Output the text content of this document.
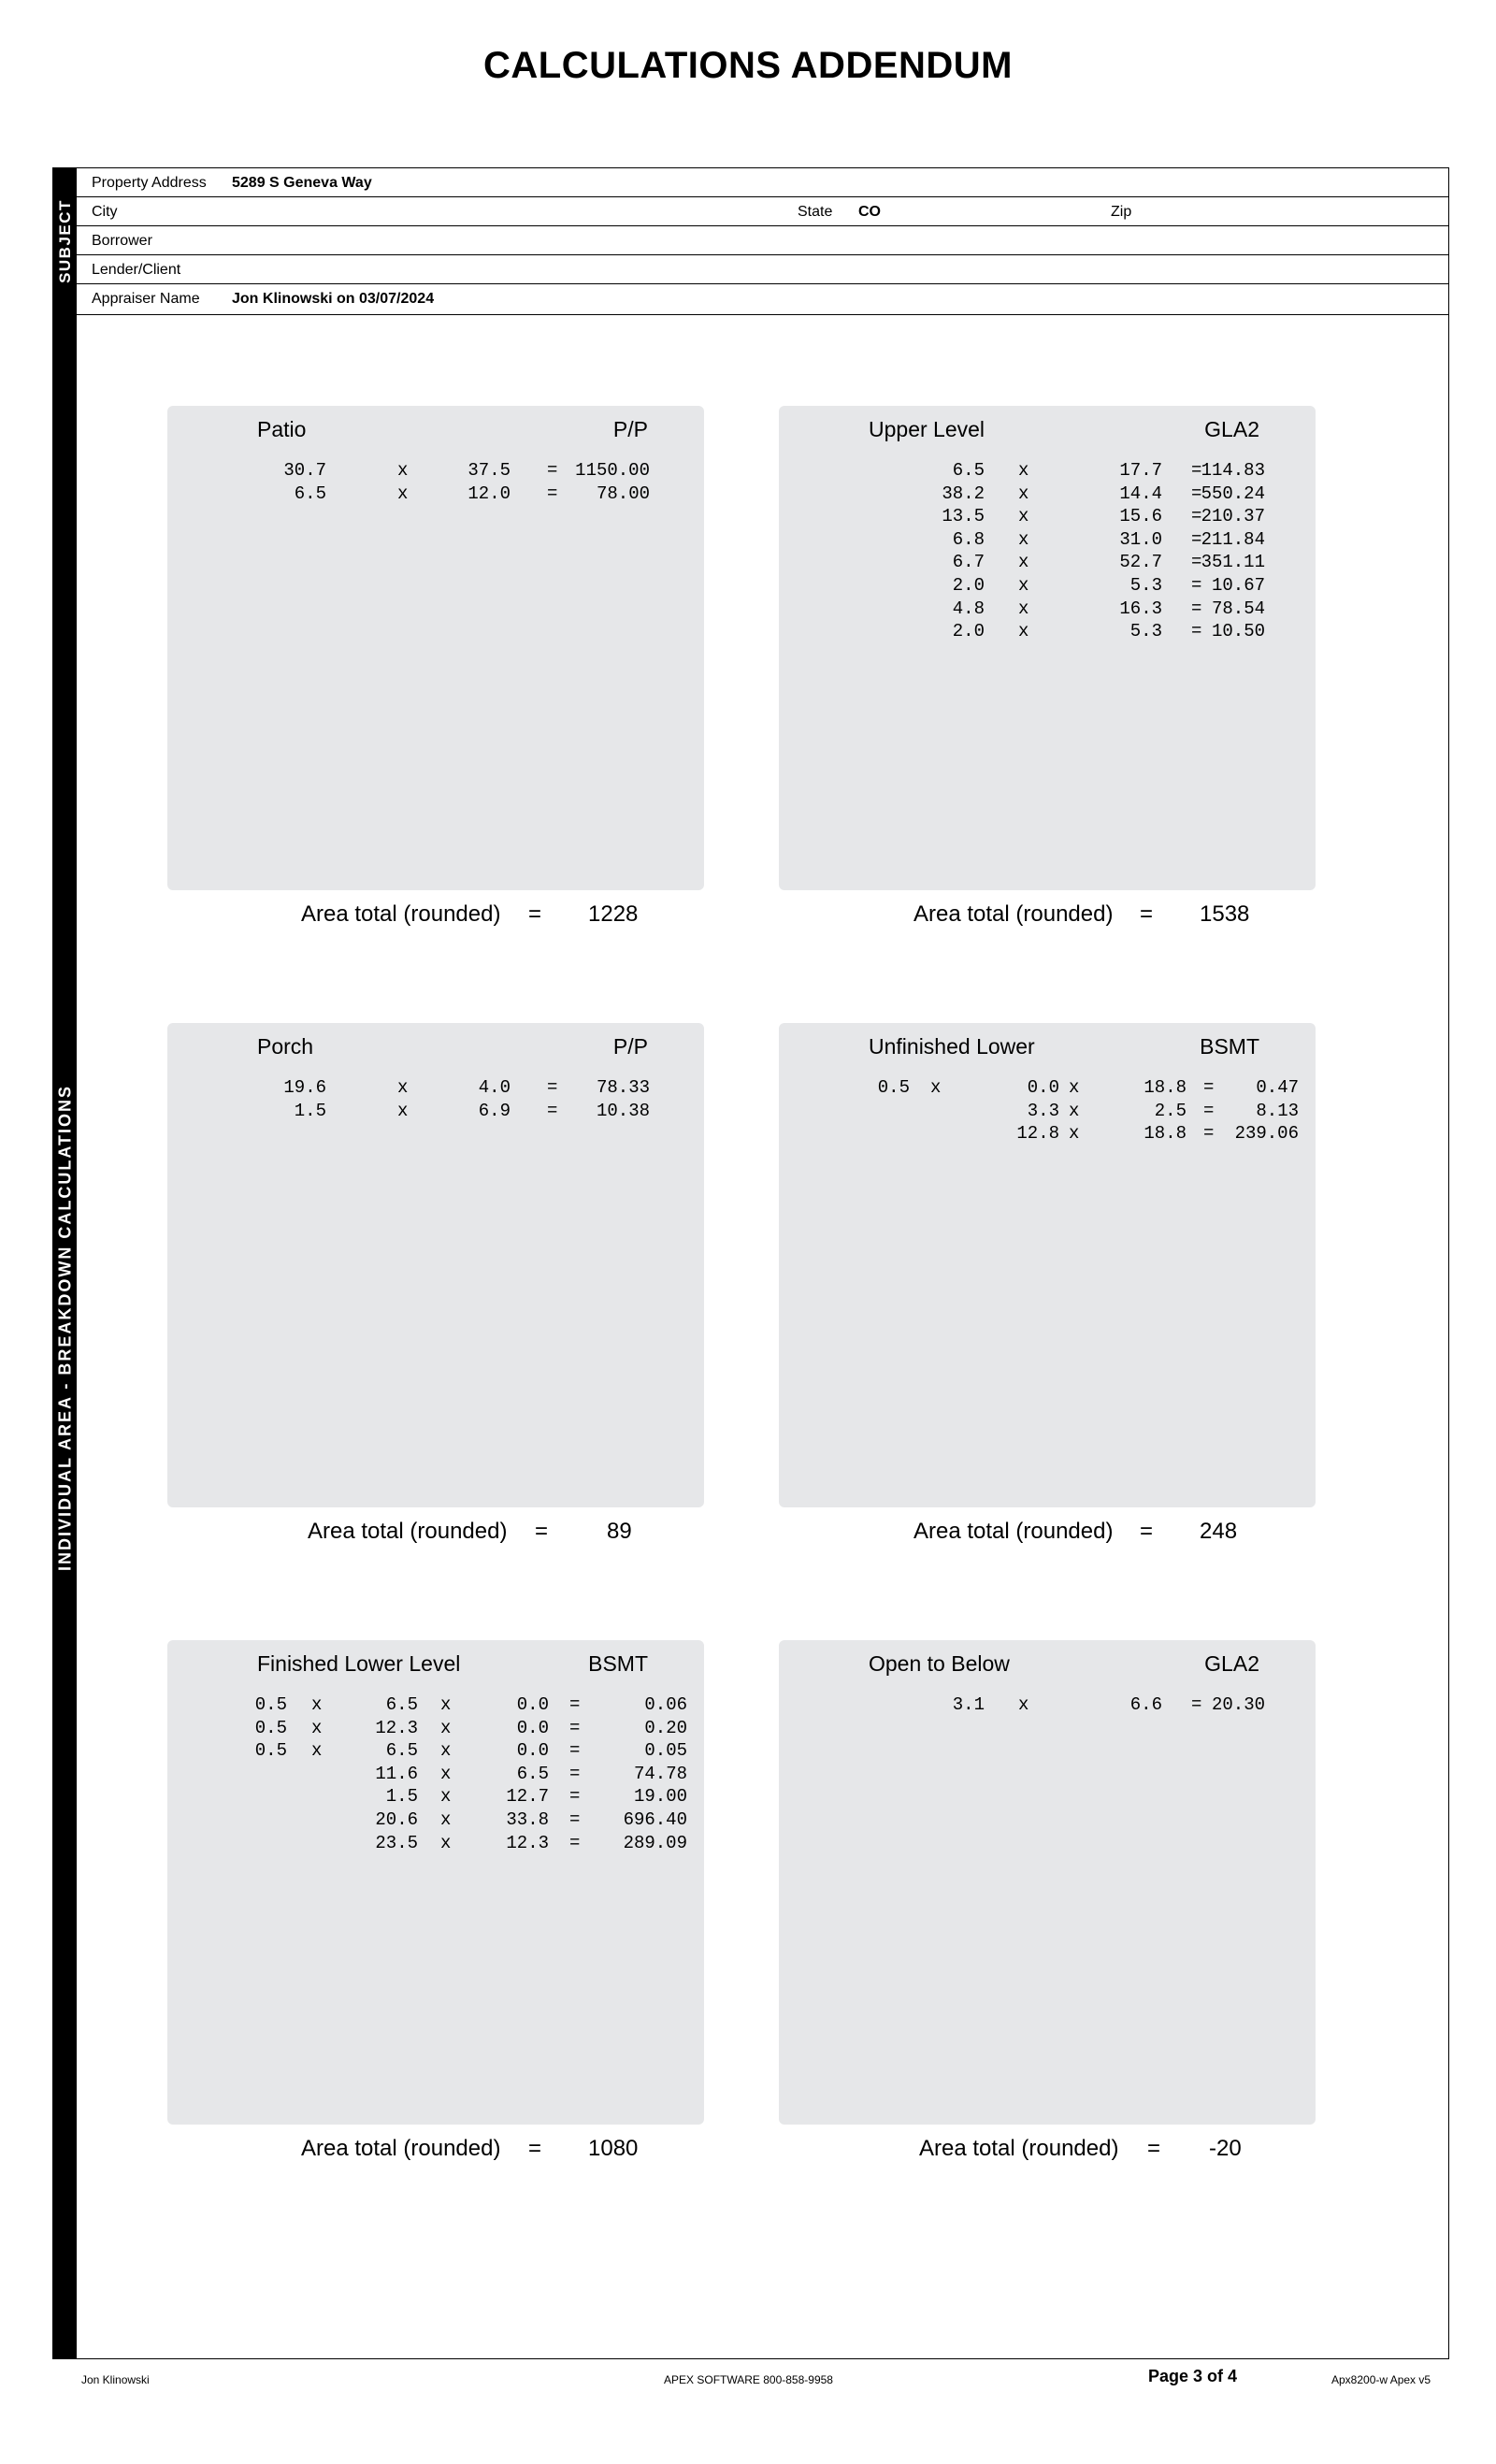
CALCULATIONS ADDENDUM
SUBJECT
Property Address 5289 S Geneva Way
City	State CO	Zip
Borrower
Lender/Client
Appraiser Name Jon Klinowski on 03/07/2024
INDIVIDUAL AREA - BREAKDOWN CALCULATIONS
Patio	P/P
30.7	x	37.5 = 1150.00
6.5	x	12.0 = 78.00
Area total (rounded) = 1228
Upper Level	GLA2
6.5 x	17.7 = 114.83
38.2 x	14.4 = 550.24
13.5 x	15.6 = 210.37
6.8 x	31.0 = 211.84
6.7 x	52.7 = 351.11
2.0 x	5.3 = 10.67
4.8 x	16.3 = 78.54
2.0 x	5.3 = 10.50
Area total (rounded) = 1538
Porch	P/P
19.6	x	4.0 = 78.33
1.5	x	6.9 = 10.38
Area total (rounded) =	89
Unfinished Lower	BSMT
0.5 x	0.0 x	18.8 = 0.47
3.3 x	2.5 = 8.13
12.8 x	18.8 = 239.06
Area total (rounded) = 248
Finished Lower Level	BSMT
0.5 x	6.5 x	0.0 =	0.06
0.5 x	12.3 x	0.0 =	0.20
0.5 x	6.5 x	0.0 =	0.05
11.6 x	6.5 =	74.78
1.5 x	12.7 =	19.00
20.6 x	33.8 = 696.40
23.5 x	12.3 = 289.09
Area total (rounded) = 1080
Open to Below	GLA2
3.1 x	6.6 = 20.30
Area total (rounded) = -20
Jon Klinowski	APEX SOFTWARE 800-858-9958	Page 3 of 4	Apx8200-w Apex v5
